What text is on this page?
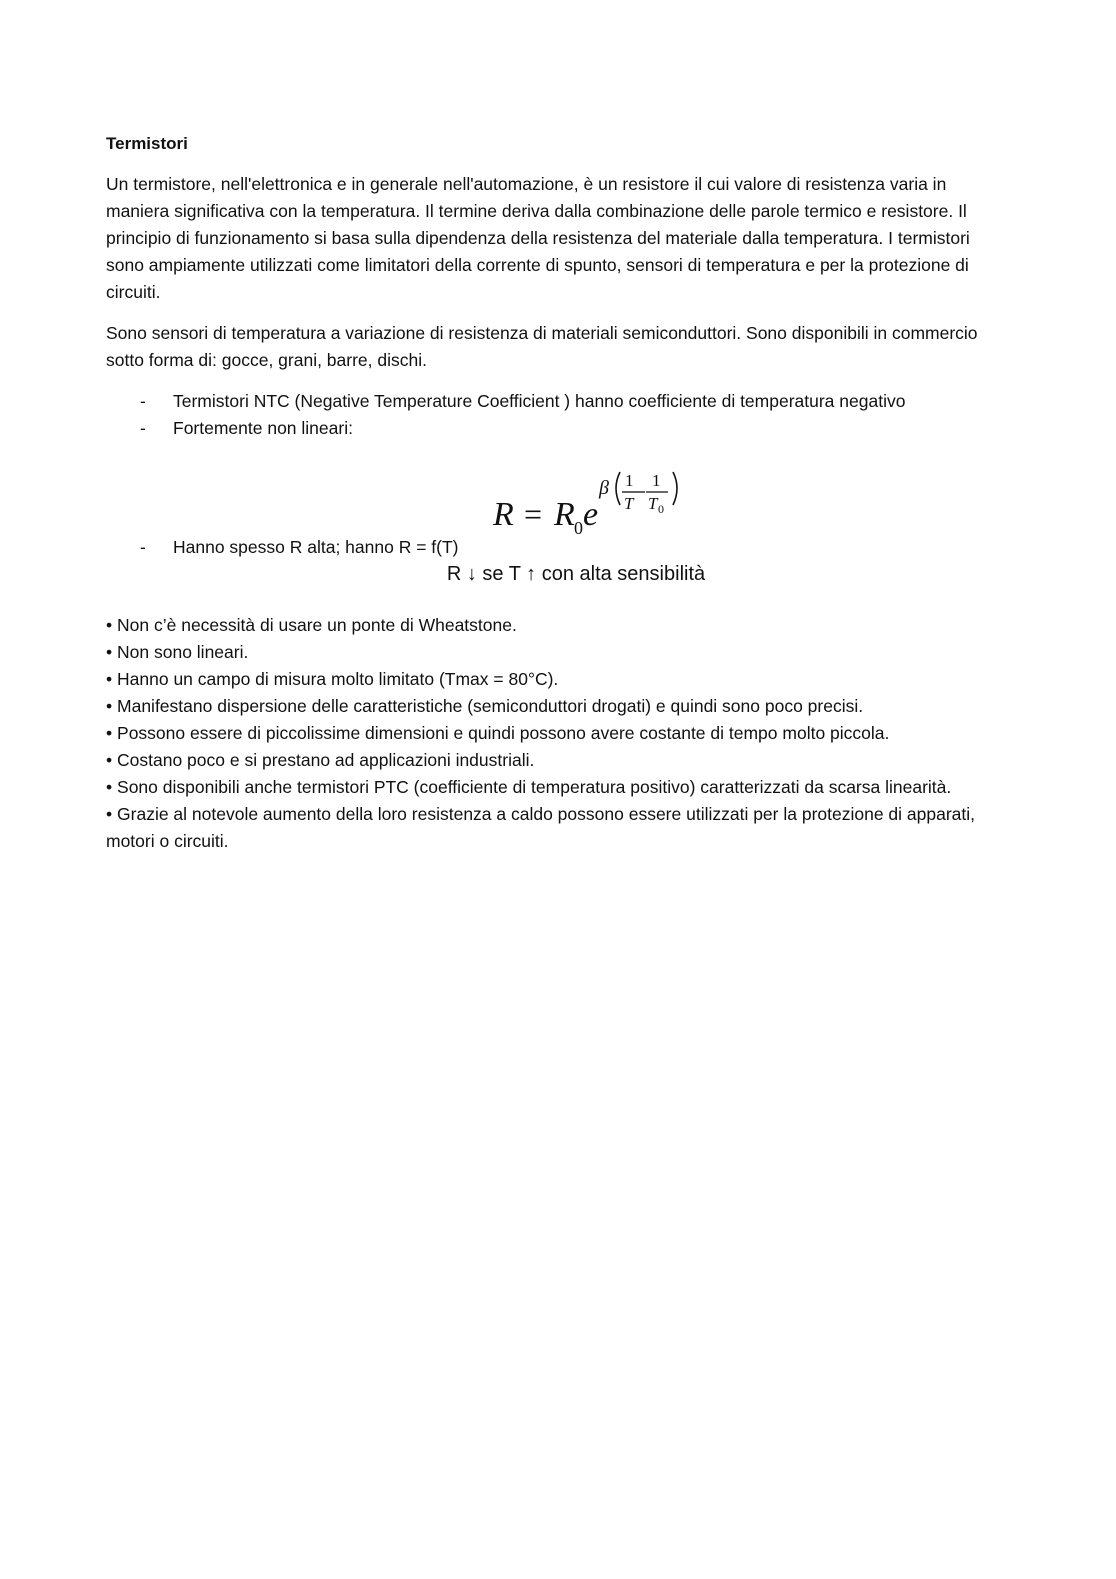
Termistori

Un termistore, nell'elettronica e in generale nell'automazione, è un resistore il cui valore di resistenza varia in maniera significativa con la temperatura. Il termine deriva dalla combinazione delle parole termico e resistore. Il principio di funzionamento si basa sulla dipendenza della resistenza del materiale dalla temperatura. I termistori sono ampiamente utilizzati come limitatori della corrente di spunto, sensori di temperatura e per la protezione di circuiti.

Sono sensori di temperatura a variazione di resistenza di materiali semiconduttori. Sono disponibili in commercio sotto forma di: gocce, grani, barre, dischi.

- Termistori NTC (Negative Temperature Coefficient ) hanno coefficiente di temperatura negativo

- Fortemente non lineari:

R = R 0 e
β 1
T
1
T 0

- Hanno spesso R alta; hanno R = f(T)

R ↓ se T ↑ con alta sensibilità

• Non c’è necessità di usare un ponte di Wheatstone.

• Non sono lineari.

• Hanno un campo di misura molto limitato (Tmax = 80°C).

• Manifestano dispersione delle caratteristiche (semiconduttori drogati) e quindi sono poco precisi.

• Possono essere di piccolissime dimensioni e quindi possono avere costante di tempo molto piccola.

• Costano poco e si prestano ad applicazioni industriali.

• Sono disponibili anche termistori PTC (coefficiente di temperatura positivo) caratterizzati da scarsa linearità.

• Grazie al notevole aumento della loro resistenza a caldo possono essere utilizzati per la protezione di apparati, motori o circuiti.
